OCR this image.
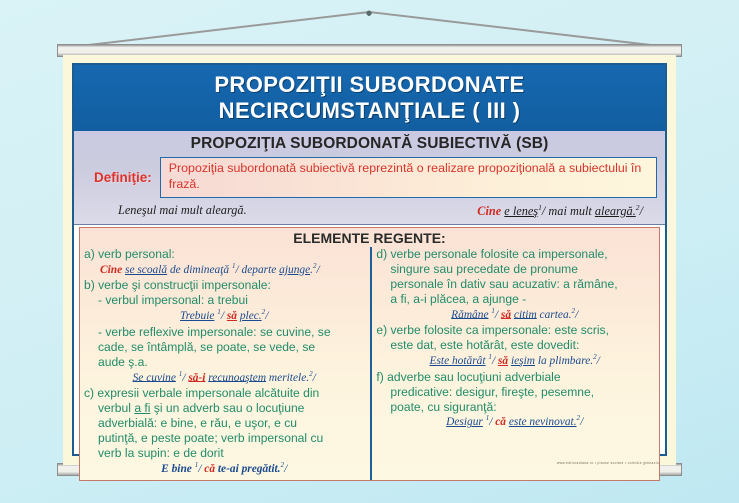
PROPOZIŢII SUBORDONATE
NECIRCUMSTANŢIALE ( III )
PROPOZIŢIA SUBORDONATĂ SUBIECTIVĂ (SB)
Definiţie:
Propoziţia subordonată subiectivă reprezintă o realizare propoziţională a subiectului în frază.
Leneşul mai mult aleargă.	Cine e leneş$^1$/ mai mult aleargă.$^2$/
ELEMENTE REGENTE:
a) verb personal:
Cine se scoală de dimineaţă $^1$/ departe ajunge.$^2$/
b) verbe şi construcţii impersonale:
- verbul impersonal: a trebui
Trebuie $^1$/ să plec.$^2$/
- verbe reflexive impersonale: se cuvine, se
cade, se întâmplă, se poate, se vede, se
aude ş.a.
Se cuvine $^1$/ să-i recunoaştem meritele.$^2$/
c) expresii verbale impersonale alcătuite din
verbul a fi şi un adverb sau o locuţiune
adverbială: e bine, e rău, e uşor, e cu
putinţă, e peste poate; verb impersonal cu
verb la supin: e de dorit
E bine $^1$/ că te-ai pregătit.$^2$/
d) verbe personale folosite ca impersonale,
singure sau precedate de pronume
personale în dativ sau acuzativ: a rămâne,
a fi, a-i plăcea, a ajunge -
Rămâne $^1$/ să citim cartea.$^2$/
e) verbe folosite ca impersonale: este scris,
este dat, este hotărât, este dovedit:
Este hotărât $^1$/ să ieşim la plimbare.$^2$/
f) adverbe sau locuţiuni adverbiale
predicative: desigur, fireşte, pesemne,
poate, cu siguranţă:
Desigur $^1$/ că este nevinovat.$^2$/
www.edituradiana.ro • planse scolare • colectia gimnaziu
